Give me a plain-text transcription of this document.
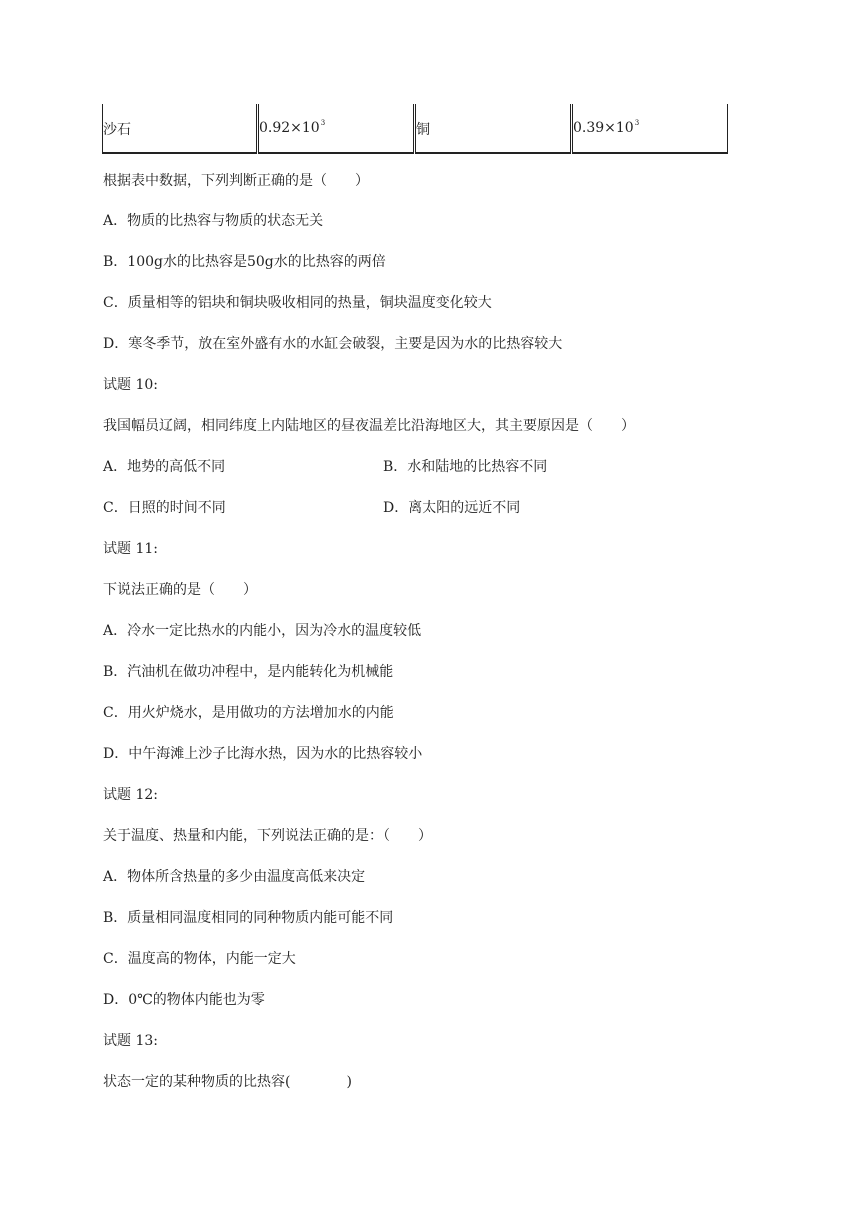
沙石	$0.92\times 10^3$	铜	$0.39\times 10^3$
根据表中数据，下列判断正确的是（　　）
A．物质的比热容与物质的状态无关
B．100g水的比热容是50g水的比热容的两倍
C．质量相等的铝块和铜块吸收相同的热量，铜块温度变化较大
D．寒冬季节，放在室外盛有水的水缸会破裂，主要是因为水的比热容较大
试题 10:
我国幅员辽阔，相同纬度上内陆地区的昼夜温差比沿海地区大，其主要原因是（　　）
A．地势的高低不同	B．水和陆地的比热容不同
C．日照的时间不同	D．离太阳的远近不同
试题 11:
下说法正确的是（　　）
A．冷水一定比热水的内能小，因为冷水的温度较低
B．汽油机在做功冲程中，是内能转化为机械能
C．用火炉烧水，是用做功的方法增加水的内能
D．中午海滩上沙子比海水热，因为水的比热容较小
试题 12:
关于温度、热量和内能，下列说法正确的是：（　　）
A．物体所含热量的多少由温度高低来决定
B．质量相同温度相同的同种物质内能可能不同
C．温度高的物体，内能一定大
D．0℃的物体内能也为零
试题 13:
状态一定的某种物质的比热容(　　　　)
